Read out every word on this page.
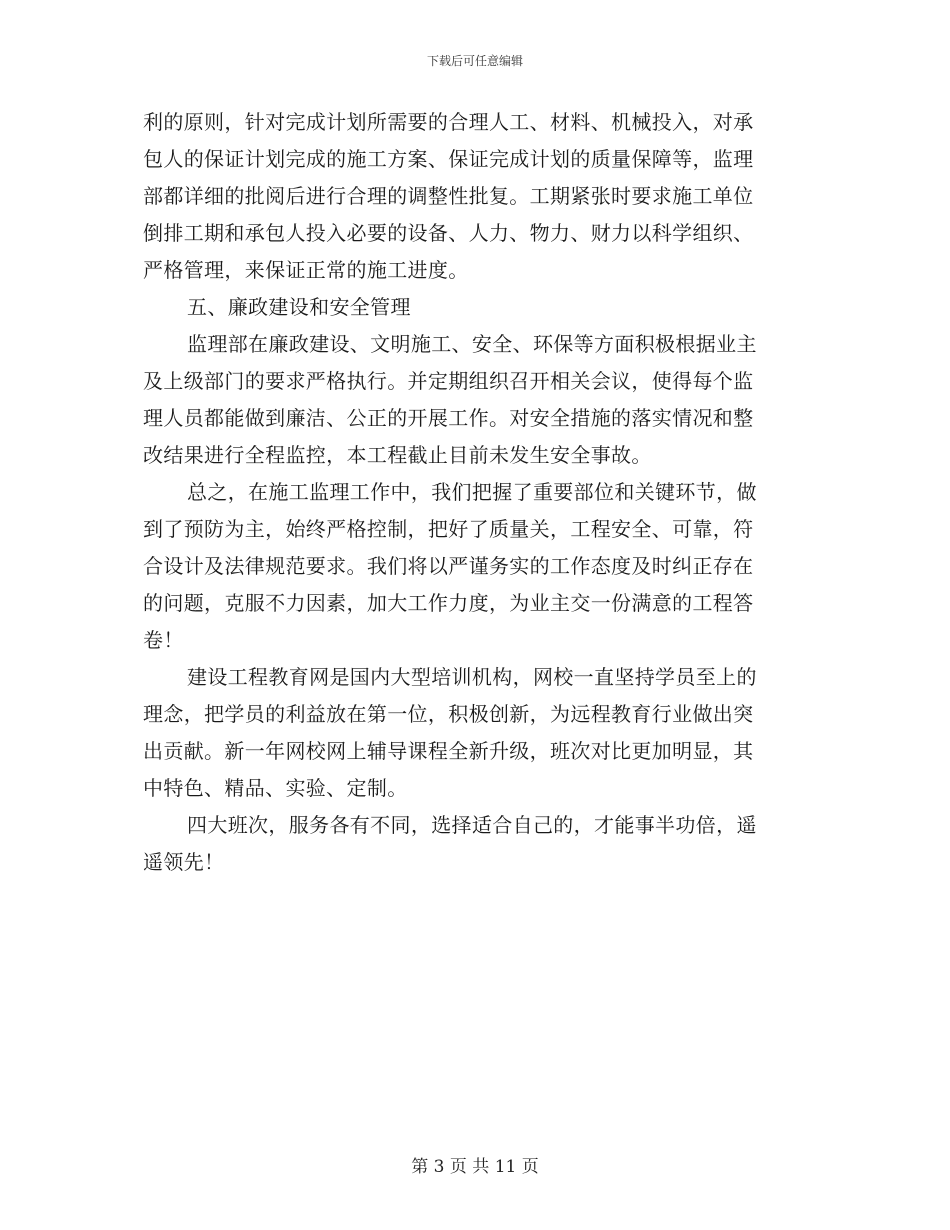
下载后可任意编辑
利的原则，针对完成计划所需要的合理人工、材料、机械投入，对承
包人的保证计划完成的施工方案、保证完成计划的质量保障等，监理
部都详细的批阅后进行合理的调整性批复。工期紧张时要求施工单位
倒排工期和承包人投入必要的设备、人力、物力、财力以科学组织、
严格管理，来保证正常的施工进度。
五、廉政建设和安全管理
监理部在廉政建设、文明施工、安全、环保等方面积极根据业主
及上级部门的要求严格执行。并定期组织召开相关会议，使得每个监
理人员都能做到廉洁、公正的开展工作。对安全措施的落实情况和整
改结果进行全程监控，本工程截止目前未发生安全事故。
总之，在施工监理工作中，我们把握了重要部位和关键环节，做
到了预防为主，始终严格控制，把好了质量关，工程安全、可靠，符
合设计及法律规范要求。我们将以严谨务实的工作态度及时纠正存在
的问题，克服不力因素，加大工作力度，为业主交一份满意的工程答
卷！
建设工程教育网是国内大型培训机构，网校一直坚持学员至上的
理念，把学员的利益放在第一位，积极创新，为远程教育行业做出突
出贡献。新一年网校网上辅导课程全新升级，班次对比更加明显，其
中特色、精品、实验、定制。
四大班次，服务各有不同，选择适合自己的，才能事半功倍，遥
遥领先！
第 3 页 共 11 页
